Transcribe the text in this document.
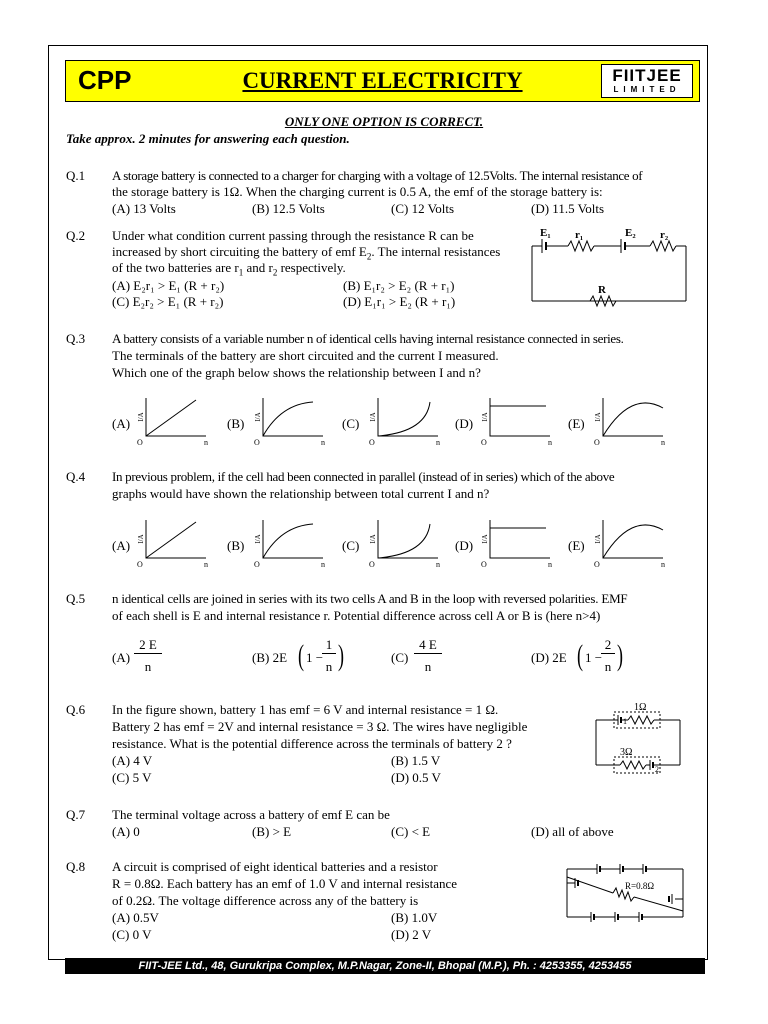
CPP	CURRENT ELECTRICITY	FIITJEE
LIMITED
ONLY ONE OPTION IS CORRECT.
Take approx. 2 minutes for answering each question.
Q.1 A storage battery is connected to a charger for charging with a voltage of 12.5Volts. The internal resistance of
the storage battery is 1Ω. When the charging current is 0.5 A, the emf of the storage battery is:
(A) 13 Volts	(B) 12.5 Volts	(C) 12 Volts	(D) 11.5 Volts
Q.2 Under what condition current passing through the resistance R can be
increased by short circuiting the battery of emf $E_2$. The internal resistances
of the two batteries are $r_1$ and $r_2$ respectively.
(A) E₂r₁ > E₁ (R + r₂)	(B) E₁r₂ > E₂ (R + r₁)
(C) E₂r₂ > E₁ (R + r₂)	(D) E₁r₁ > E₂ (R + r₁)
E₁ r₁	E₂ r₂
R
Q.3 A battery consists of a variable number n of identical cells having internal resistance connected in series.
The terminals of the battery are short circuited and the current I measured.
Which one of the graph below shows the relationship between I and n?
(A) I/A
n
O
(B) I/A
n
O
(C) I/A
n
O
(D) I/A
n
O
(E) I/A
n
O
Q.4 In previous problem, if the cell had been connected in parallel (instead of in series) which of the above
graphs would have shown the relationship between total current I and n?
(A) I/A
n
O
(B) I/A
n
O
(C) I/A
n
O
(D) I/A
n
O
(E) I/A
n
O
Q.5 n identical cells are joined in series with its two cells A and B in the loop with reversed polarities. EMF
of each shell is E and internal resistance r. Potential difference across cell A or B is (here n>4)
(A)
2 E
n
(B) 2E ( 1 −
1
n )	(C)
4 E
n
(D) 2E ( 1 −
2
n )
Q.6 In the figure shown, battery 1 has emf = 6 V and internal resistance = 1 Ω.
Battery 2 has emf = 2V and internal resistance = 3 Ω. The wires have negligible
resistance. What is the potential difference across the terminals of battery 2 ?
(A) 4 V	(B) 1.5 V
(C) 5 V	(D) 0.5 V
1Ω
3Ω
1
2
Q.7 The terminal voltage across a battery of emf E can be
(A) 0	(B) > E	(C) < E	(D) all of above
Q.8 A circuit is comprised of eight identical batteries and a resistor
R = 0.8Ω. Each battery has an emf of 1.0 V and internal resistance
of 0.2Ω. The voltage difference across any of the battery is
(A) 0.5V	(B) 1.0V
(C) 0 V	(D) 2 V
R=0.8Ω
FIIT-JEE Ltd., 48, Gurukripa Complex, M.P.Nagar, Zone-II, Bhopal (M.P.), Ph. : 4253355, 4253455
